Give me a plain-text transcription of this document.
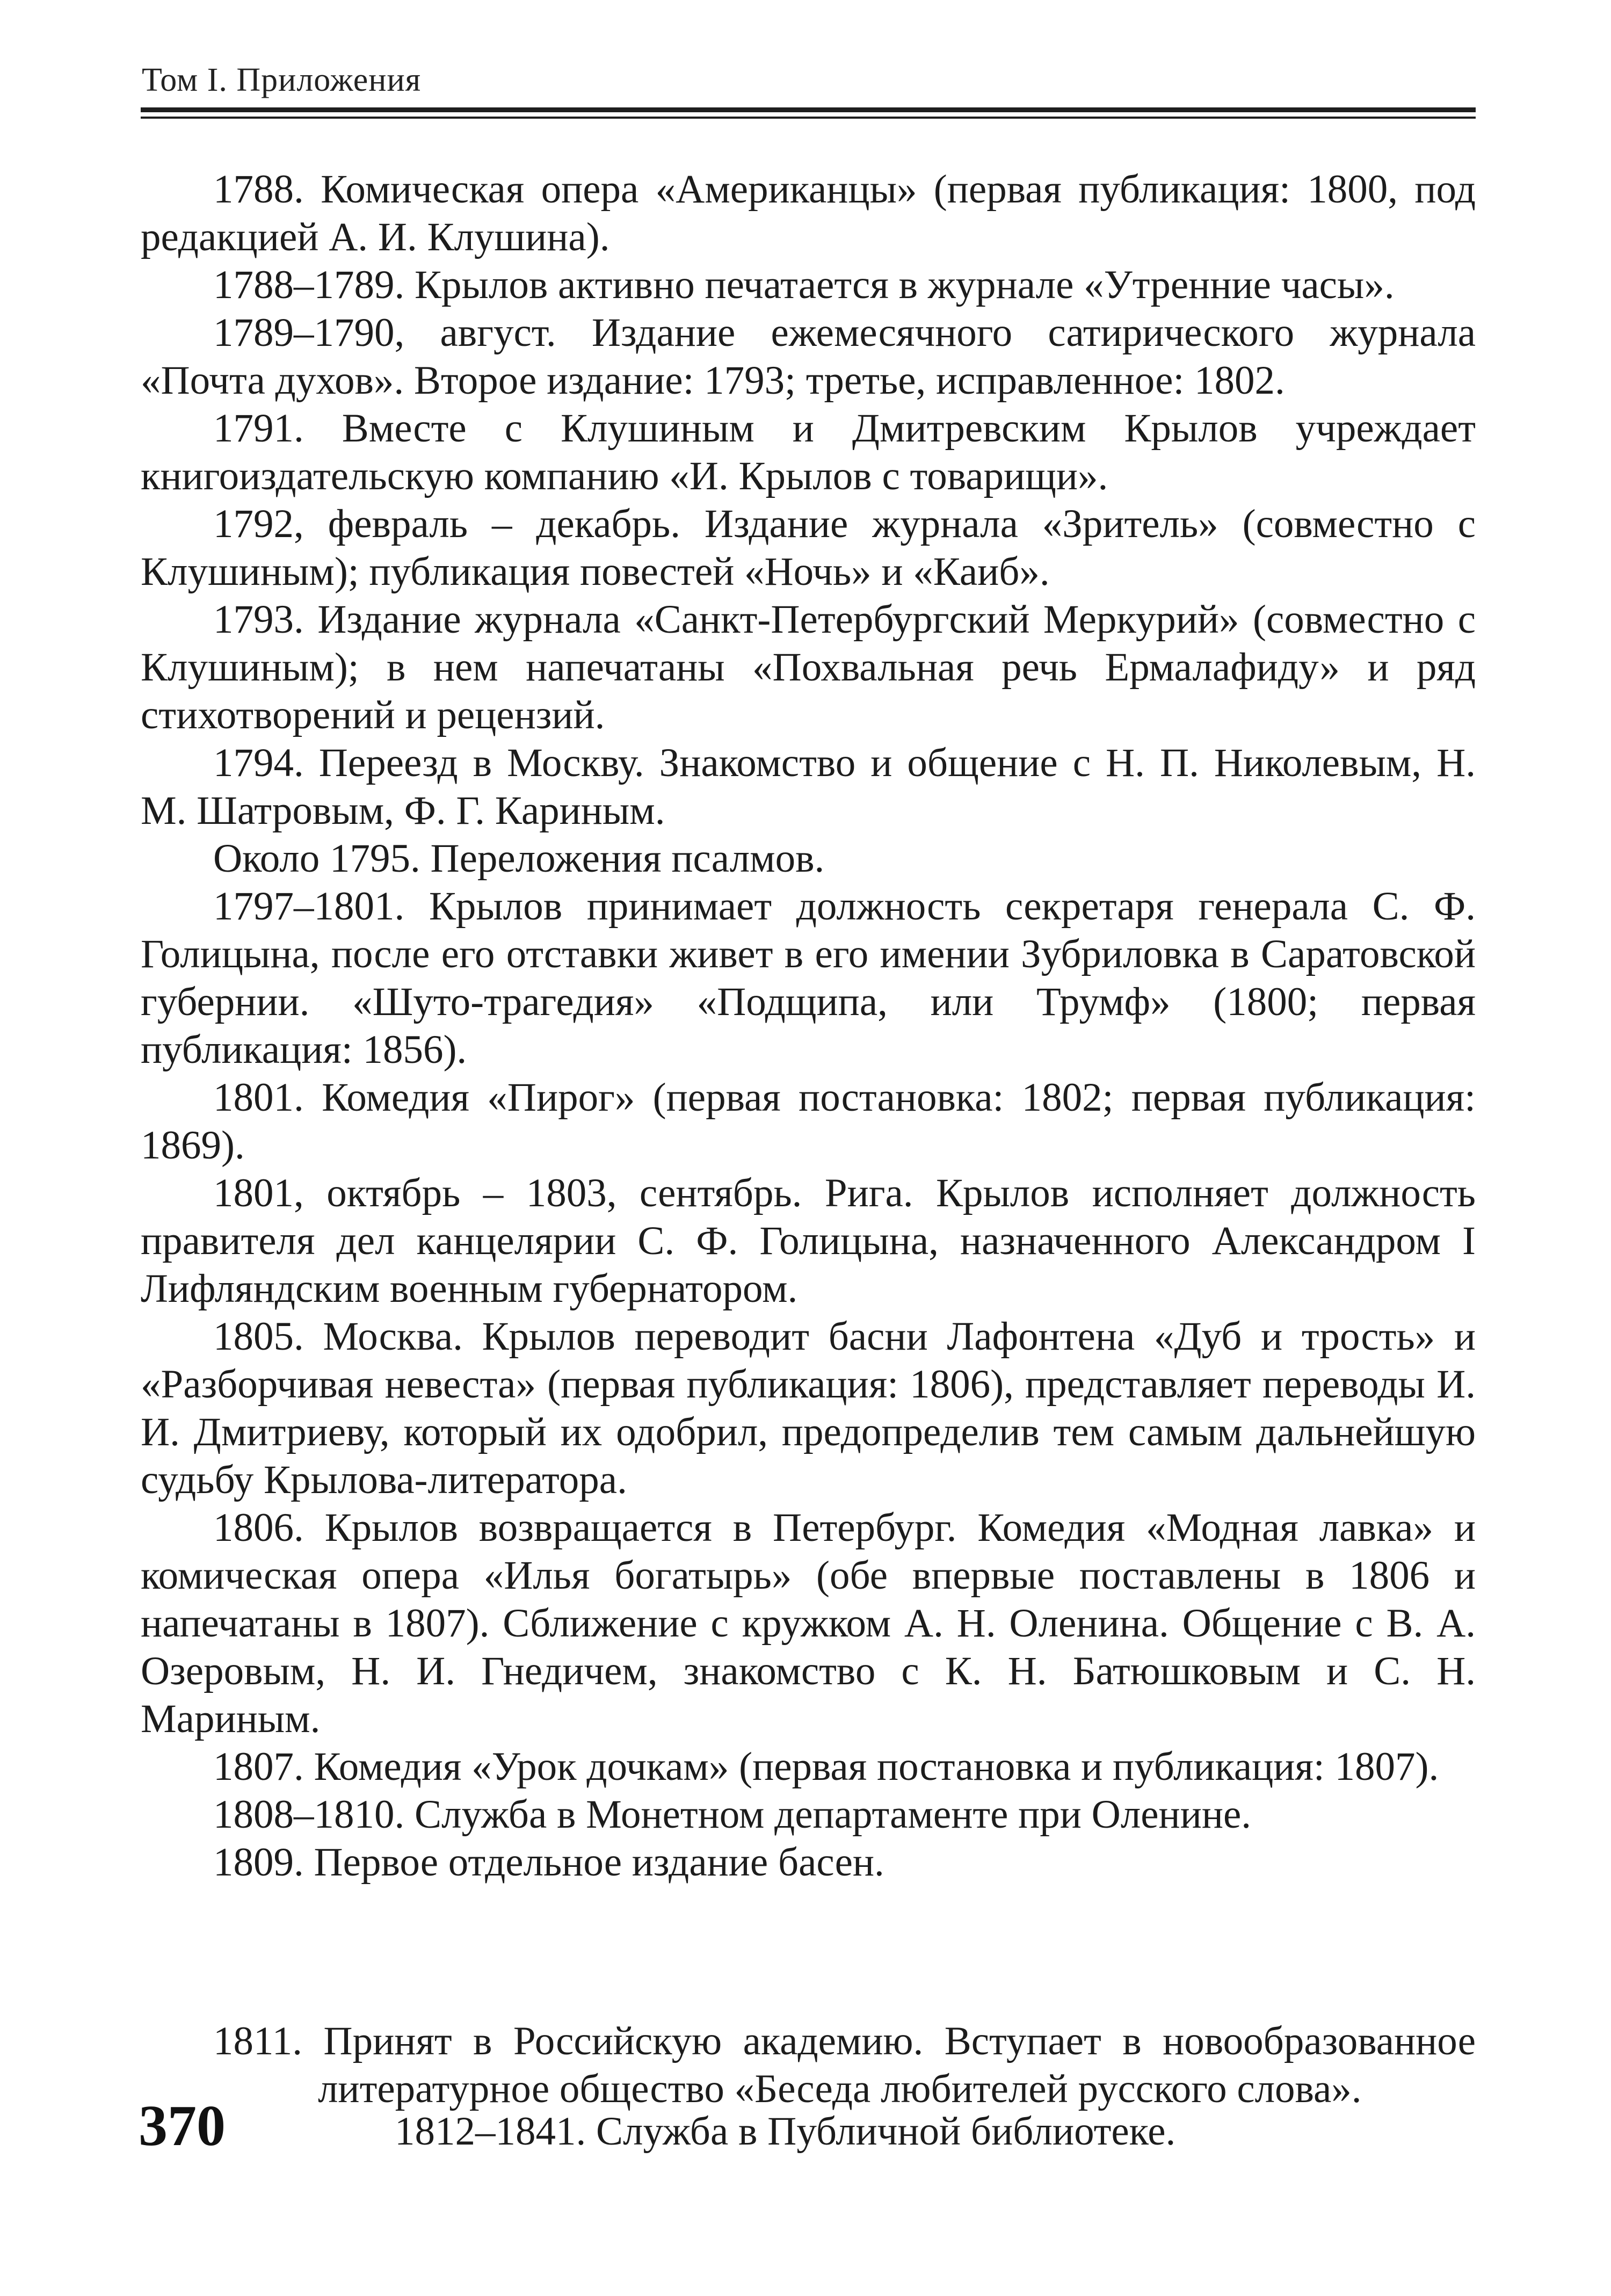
Том I. Приложения

1788. Комическая опера «Американцы» (первая публикация: 1800, под редакцией А. И. Клушина).

1788–1789. Крылов активно печатается в журнале «Утренние часы».

1789–1790, август. Издание ежемесячного сатирического журнала «Почта духов». Второе издание: 1793; третье, исправленное: 1802.

1791. Вместе с Клушиным и Дмитревским Крылов учреждает книгоиздательскую компанию «И. Крылов с товарищи».

1792, февраль – декабрь. Издание журнала «Зритель» (совместно с Клушиным); публикация повестей «Ночь» и «Каиб».

1793. Издание журнала «Санкт-Петербургский Меркурий» (совместно с Клушиным); в нем напечатаны «Похвальная речь Ермалафиду» и ряд стихотворений и рецензий.

1794. Переезд в Москву. Знакомство и общение с Н. П. Николевым, Н. М. Шатровым, Ф. Г. Кариным.

Около 1795. Переложения псалмов.

1797–1801. Крылов принимает должность секретаря генерала С. Ф. Голицына, после его отставки живет в его имении Зубриловка в Саратовской губернии. «Шуто-трагедия» «Подщипа, или Трумф» (1800; первая публикация: 1856).

1801. Комедия «Пирог» (первая постановка: 1802; первая публикация: 1869).

1801, октябрь – 1803, сентябрь. Рига. Крылов исполняет должность правителя дел канцелярии С. Ф. Голицына, назначенного Александром I Лифляндским военным губернатором.

1805. Москва. Крылов переводит басни Лафонтена «Дуб и трость» и «Разборчивая невеста» (первая публикация: 1806), представляет переводы И. И. Дмитриеву, который их одобрил, предопределив тем самым дальнейшую судьбу Крылова-литератора.

1806. Крылов возвращается в Петербург. Комедия «Модная лавка» и комическая опера «Илья богатырь» (обе впервые поставлены в 1806 и напечатаны в 1807). Сближение с кружком А. Н. Оленина. Общение с В. А. Озеровым, Н. И. Гнедичем, знакомство с К. Н. Батюшковым и С. Н. Мариным.

1807. Комедия «Урок дочкам» (первая постановка и публикация: 1807).

1808–1810. Служба в Монетном департаменте при Оленине.

1809. Первое отдельное издание басен.

1811. Принят в Российскую академию. Вступает в новообразованное
литературное общество «Беседа любителей русского слова».
370	1812–1841. Служба в Публичной библиотеке.
